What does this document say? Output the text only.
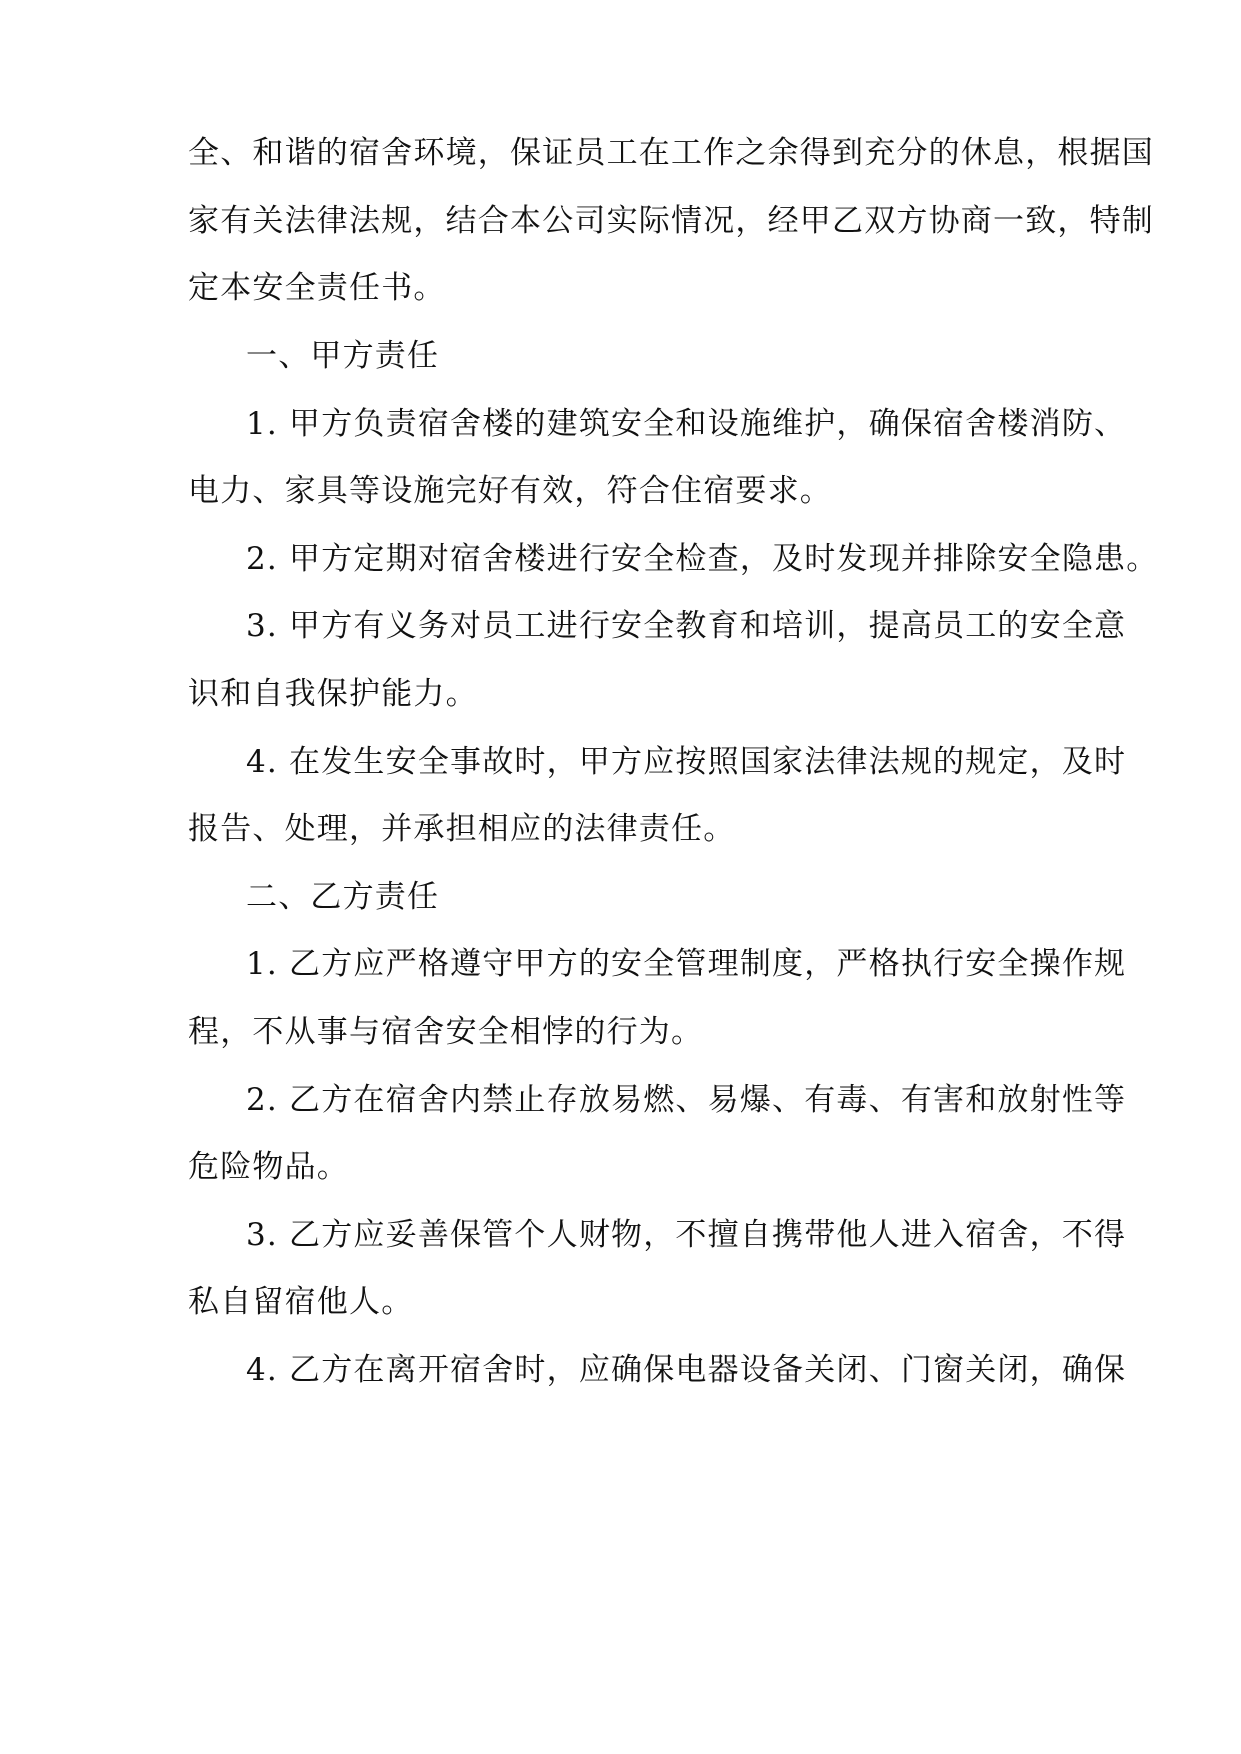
全、和谐的宿舍环境，保证员工在工作之余得到充分的休息，根据国
家有关法律法规，结合本公司实际情况，经甲乙双方协商一致，特制
定本安全责任书。
一、甲方责任
1. 甲方负责宿舍楼的建筑安全和设施维护，确保宿舍楼消防、
电力、家具等设施完好有效，符合住宿要求。
2. 甲方定期对宿舍楼进行安全检查，及时发现并排除安全隐患。
3. 甲方有义务对员工进行安全教育和培训，提高员工的安全意
识和自我保护能力。
4. 在发生安全事故时，甲方应按照国家法律法规的规定，及时
报告、处理，并承担相应的法律责任。
二、乙方责任
1. 乙方应严格遵守甲方的安全管理制度，严格执行安全操作规
程，不从事与宿舍安全相悖的行为。
2. 乙方在宿舍内禁止存放易燃、易爆、有毒、有害和放射性等
危险物品。
3. 乙方应妥善保管个人财物，不擅自携带他人进入宿舍，不得
私自留宿他人。
4. 乙方在离开宿舍时，应确保电器设备关闭、门窗关闭，确保
